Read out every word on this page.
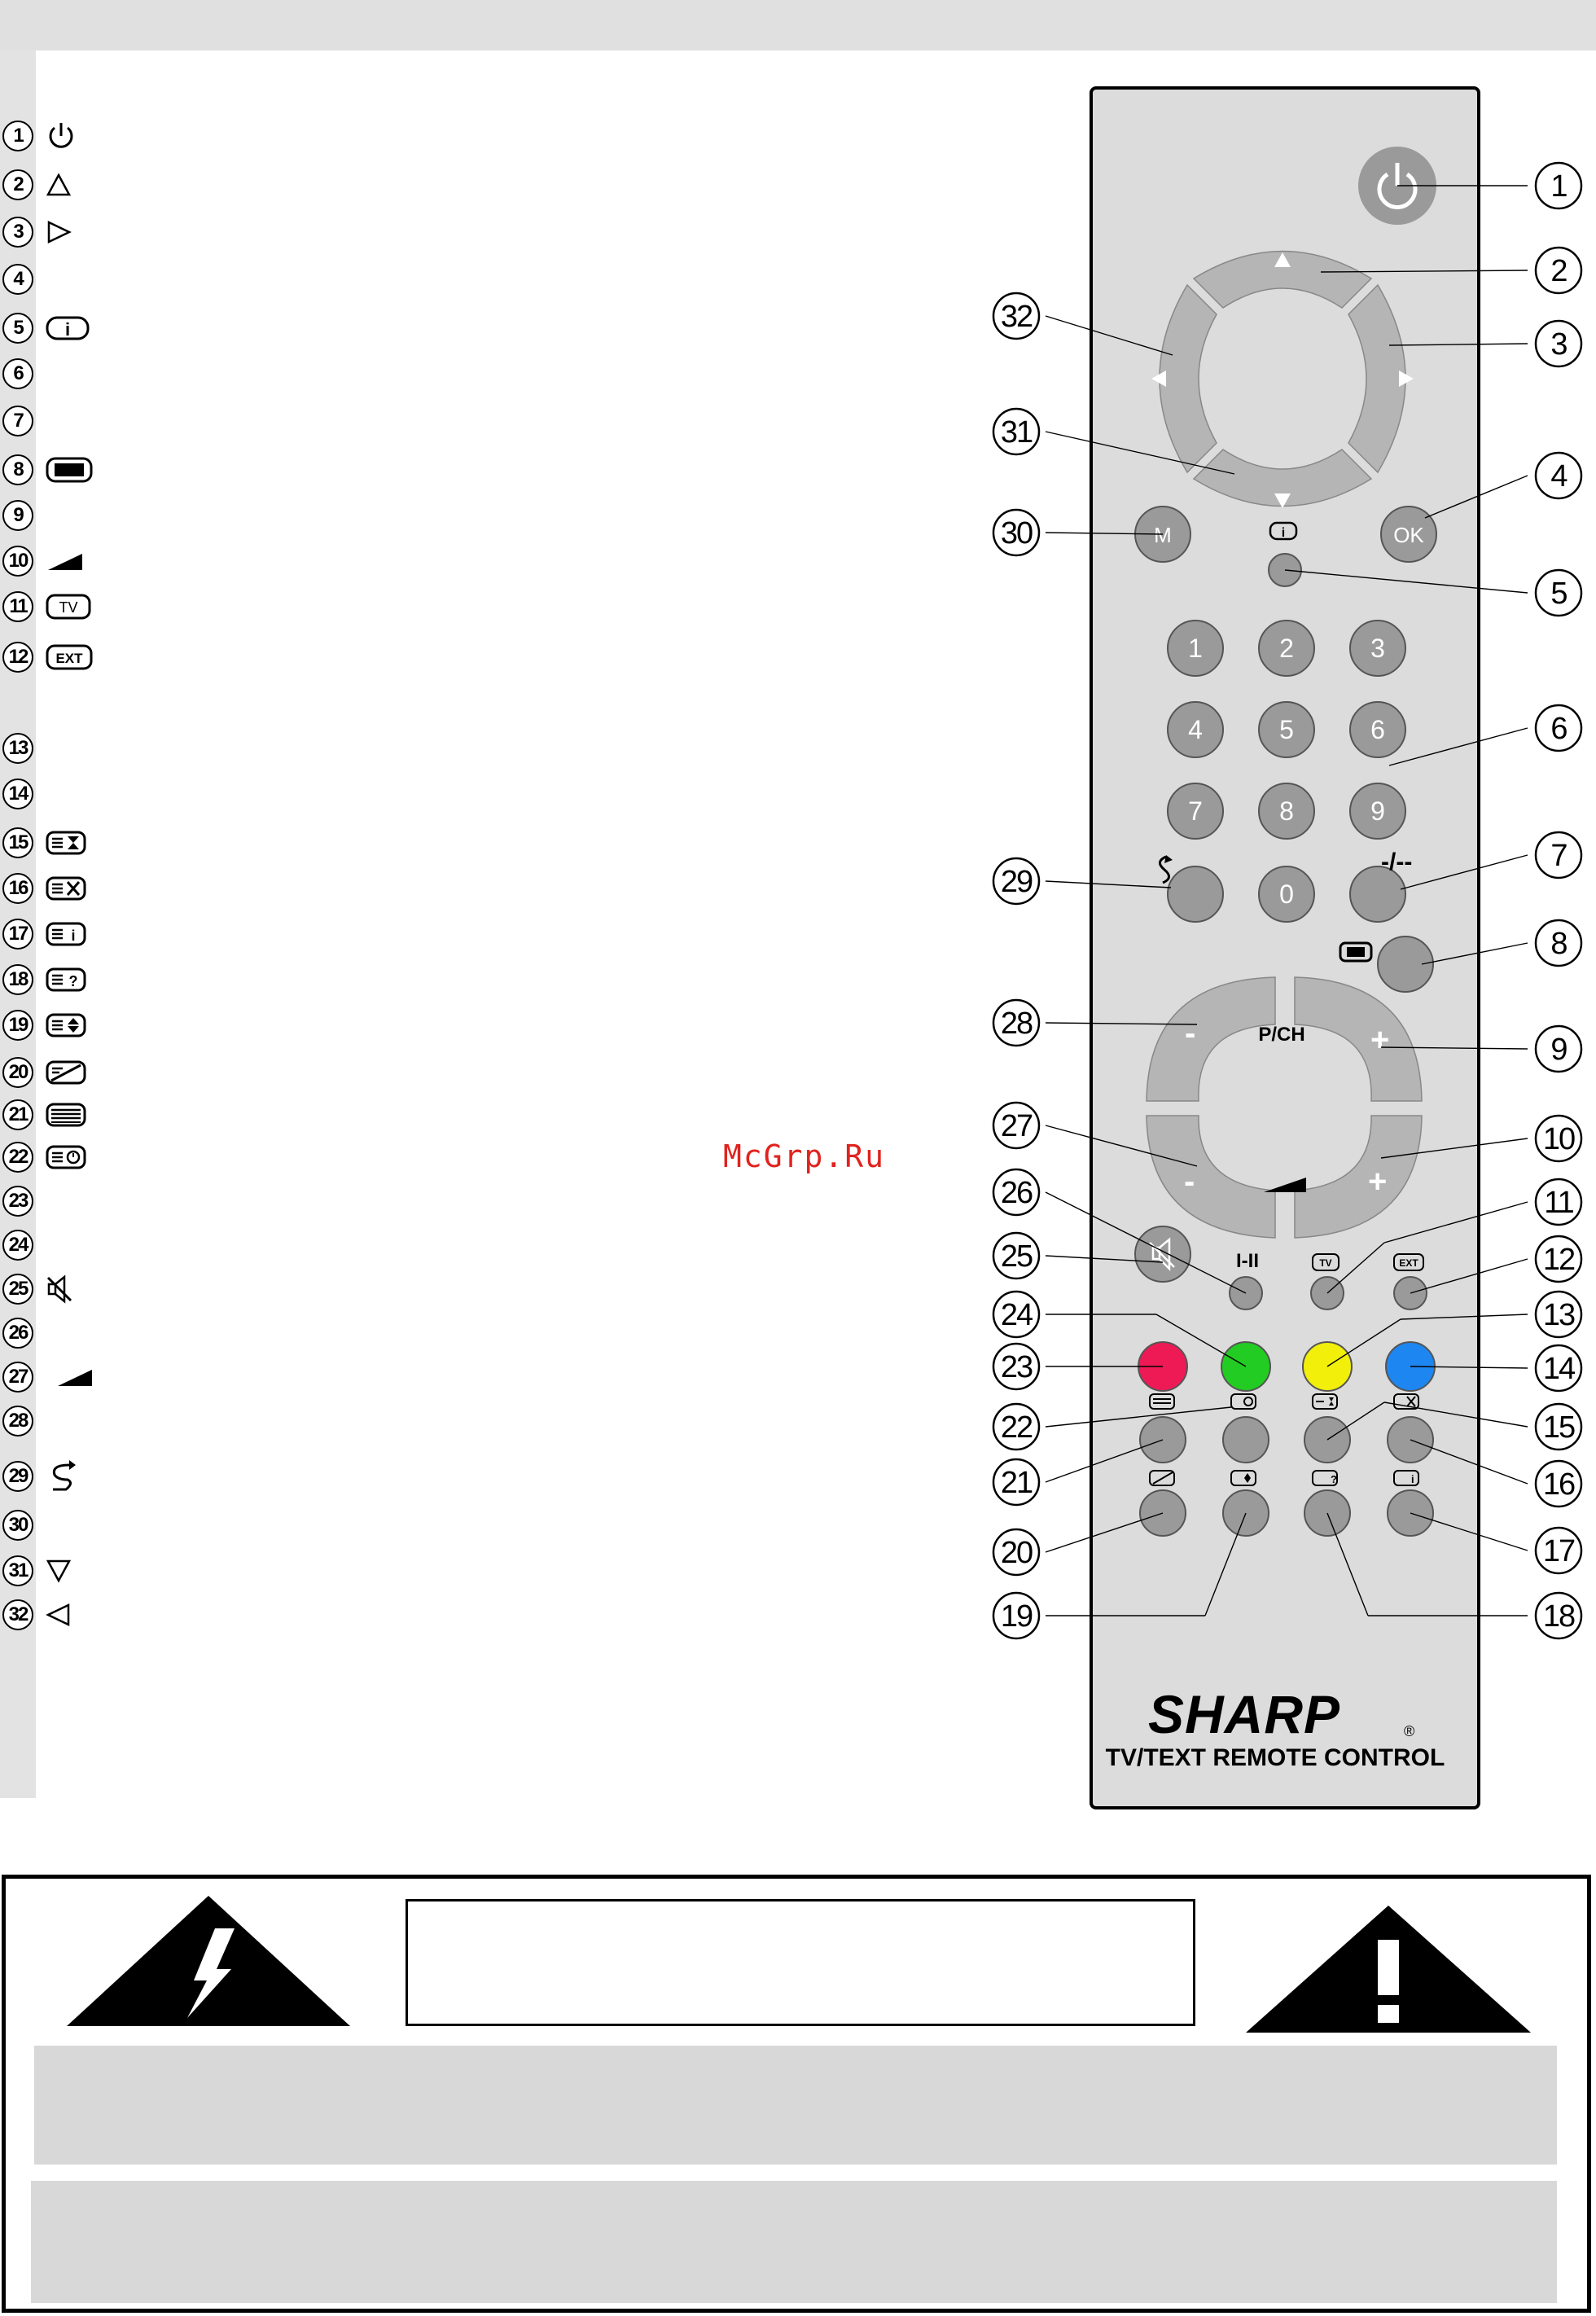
1
2
3
4
5	i
6
7
8
9
10
11	TV
12	EXT
13
14
15
16
17	i
18	?
19
20
21
22
23
24
25
26
27
28
29
30
31
32
McGrp.Ru
M	OK
i
1	2	3
4	5	6
7	8	9
0
-/--
-	+
P/CH
-	+
I-II	TV	EXT
?	i
SHARP	®
TV/TEXT REMOTE CONTROL
1
2
3
4
5
6
7
8
9
10
11
12
13
14
15
16
17
18
19
20
21
22
23
24
25
26
27
28
29
30
31
32
